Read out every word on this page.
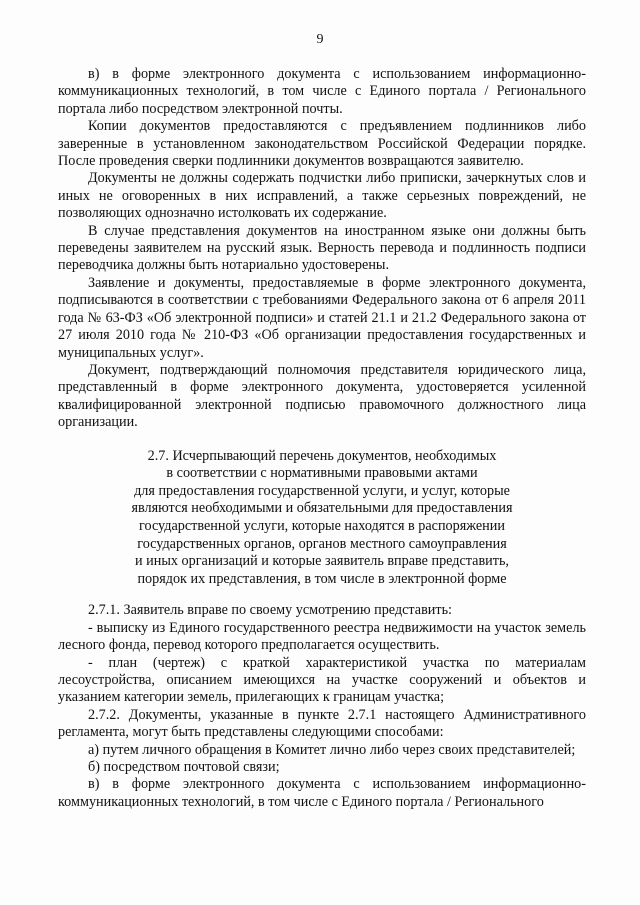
9

в) в форме электронного документа с использованием информационно-коммуникационных технологий, в том числе с Единого портала / Регионального портала либо посредством электронной почты.

Копии документов предоставляются с предъявлением подлинников либо заверенные в установленном законодательством Российской Федерации порядке. После проведения сверки подлинники документов возвращаются заявителю.

Документы не должны содержать подчистки либо приписки, зачеркнутых слов и иных не оговоренных в них исправлений, а также серьезных повреждений, не позволяющих однозначно истолковать их содержание.

В случае представления документов на иностранном языке они должны быть переведены заявителем на русский язык. Верность перевода и подлинность подписи переводчика должны быть нотариально удостоверены.

Заявление и документы, предоставляемые в форме электронного документа, подписываются в соответствии с требованиями Федерального закона от 6 апреля 2011 года № 63-ФЗ «Об электронной подписи» и статей 21.1 и 21.2 Федерального закона от 27 июля 2010 года № 210-ФЗ «Об организации предоставления государственных и муниципальных услуг».

Документ, подтверждающий полномочия представителя юридического лица, представленный в форме электронного документа, удостоверяется усиленной квалифицированной электронной подписью правомочного должностного лица организации.

2.7. Исчерпывающий перечень документов, необходимых
в соответствии с нормативными правовыми актами
для предоставления государственной услуги, и услуг, которые
являются необходимыми и обязательными для предоставления
государственной услуги, которые находятся в распоряжении
государственных органов, органов местного самоуправления
и иных организаций и которые заявитель вправе представить,
порядок их представления, в том числе в электронной форме

2.7.1. Заявитель вправе по своему усмотрению представить:

- выписку из Единого государственного реестра недвижимости на участок земель лесного фонда, перевод которого предполагается осуществить.

- план (чертеж) с краткой характеристикой участка по материалам лесоустройства, описанием имеющихся на участке сооружений и объектов и указанием категории земель, прилегающих к границам участка;

2.7.2. Документы, указанные в пункте 2.7.1 настоящего Административного регламента, могут быть представлены следующими способами:

а) путем личного обращения в Комитет лично либо через своих представителей;

б) посредством почтовой связи;

в) в форме электронного документа с использованием информационно-коммуникационных технологий, в том числе с Единого портала / Регионального
